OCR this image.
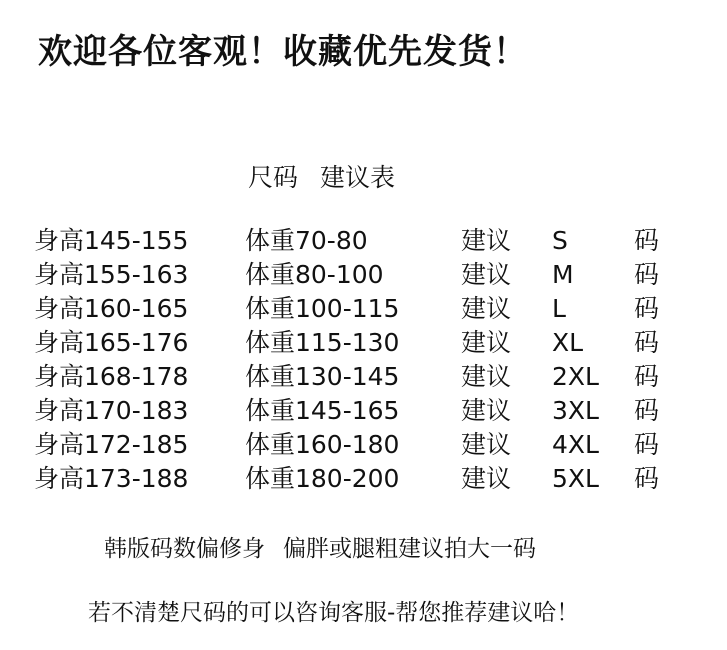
欢迎各位客观！收藏优先发货！
尺码 建议表
身高145-155 体重70-80	建议 S	码
身高155-163 体重80-100	建议 M 码
身高160-165 体重100-115 建议 L	码
身高165-176 体重115-130 建议 XL 码
身高168-178 体重130-145 建议 2XL 码
身高170-183 体重145-165 建议 3XL 码
身高172-185 体重160-180 建议 4XL 码
身高173-188 体重180-200 建议 5XL 码
韩版码数偏修身 偏胖或腿粗建议拍大一码
若不清楚尺码的可以咨询客服-帮您推荐建议哈！
